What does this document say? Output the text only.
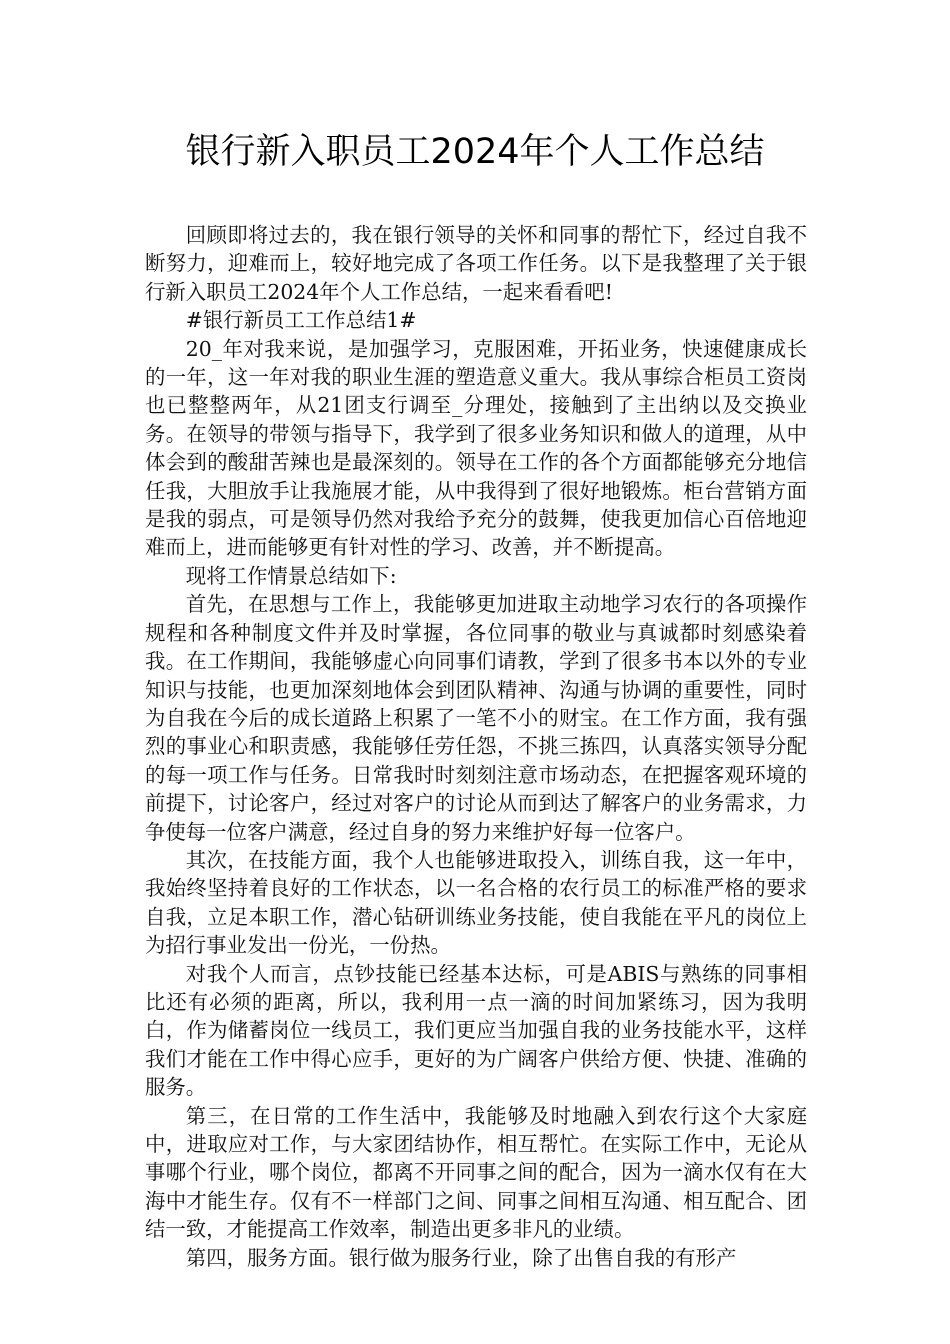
银行新入职员工2024年个人工作总结

回顾即将过去的，我在银行领导的关怀和同事的帮忙下，经过自我不断努力，迎难而上，较好地完成了各项工作任务。以下是我整理了关于银行新入职员工2024年个人工作总结，一起来看看吧!

#银行新员工工作总结1#

20_年对我来说，是加强学习，克服困难，开拓业务，快速健康成长的一年，这一年对我的职业生涯的塑造意义重大。我从事综合柜员工资岗也已整整两年，从21团支行调至_分理处，接触到了主出纳以及交换业务。在领导的带领与指导下，我学到了很多业务知识和做人的道理，从中体会到的酸甜苦辣也是最深刻的。领导在工作的各个方面都能够充分地信任我，大胆放手让我施展才能，从中我得到了很好地锻炼。柜台营销方面是我的弱点，可是领导仍然对我给予充分的鼓舞，使我更加信心百倍地迎难而上，进而能够更有针对性的学习、改善，并不断提高。

现将工作情景总结如下:

首先，在思想与工作上，我能够更加进取主动地学习农行的各项操作规程和各种制度文件并及时掌握，各位同事的敬业与真诚都时刻感染着我。在工作期间，我能够虚心向同事们请教，学到了很多书本以外的专业知识与技能，也更加深刻地体会到团队精神、沟通与协调的重要性，同时为自我在今后的成长道路上积累了一笔不小的财宝。在工作方面，我有强烈的事业心和职责感，我能够任劳任怨，不挑三拣四，认真落实领导分配的每一项工作与任务。日常我时时刻刻注意市场动态，在把握客观环境的前提下，讨论客户，经过对客户的讨论从而到达了解客户的业务需求，力争使每一位客户满意，经过自身的努力来维护好每一位客户。

其次，在技能方面，我个人也能够进取投入，训练自我，这一年中，我始终坚持着良好的工作状态，以一名合格的农行员工的标准严格的要求自我，立足本职工作，潜心钻研训练业务技能，使自我能在平凡的岗位上为招行事业发出一份光，一份热。

对我个人而言，点钞技能已经基本达标，可是ABIS与熟练的同事相比还有必须的距离，所以，我利用一点一滴的时间加紧练习，因为我明白，作为储蓄岗位一线员工，我们更应当加强自我的业务技能水平，这样我们才能在工作中得心应手，更好的为广阔客户供给方便、快捷、准确的服务。

第三，在日常的工作生活中，我能够及时地融入到农行这个大家庭中，进取应对工作，与大家团结协作，相互帮忙。在实际工作中，无论从事哪个行业，哪个岗位，都离不开同事之间的配合，因为一滴水仅有在大海中才能生存。仅有不一样部门之间、同事之间相互沟通、相互配合、团结一致，才能提高工作效率，制造出更多非凡的业绩。

第四，服务方面。银行做为服务行业，除了出售自我的有形产
